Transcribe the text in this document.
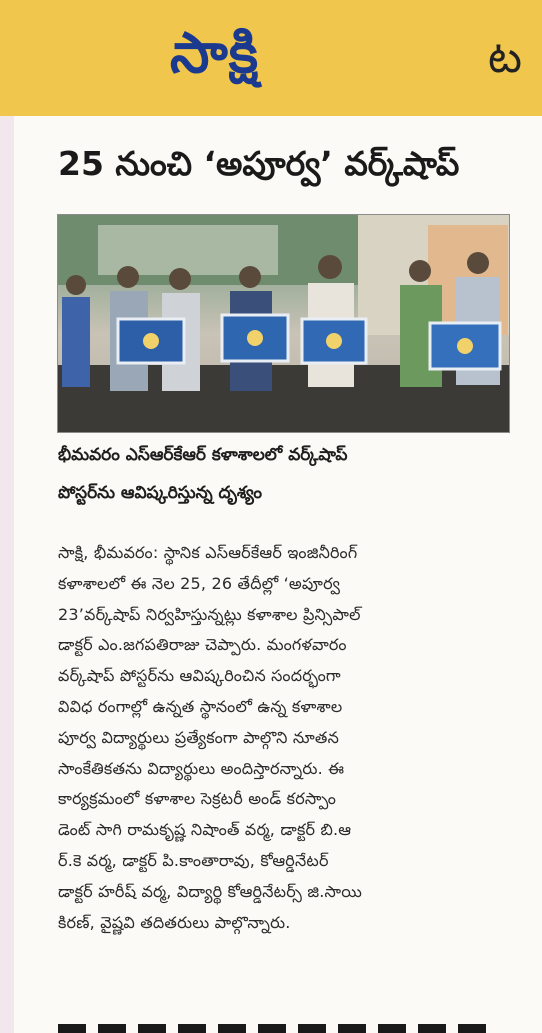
సాక్షి	ట
25 నుంచి ‘అపూర్వ’ వర్క్‌షాప్
భీమవరం ఎస్‌ఆర్‌కేఆర్ కళాశాలలో వర్క్‌షాప్
పోస్టర్‌ను ఆవిష్కరిస్తున్న దృశ్యం
సాక్షి, భీమవరం: స్థానిక ఎస్‌ఆర్‌కేఆర్ ఇంజినీరింగ్
కళాశాలలో ఈ నెల 25, 26 తేదీల్లో ‘అపూర్వ
23’వర్క్‌షాప్ నిర్వహిస్తున్నట్లు కళాశాల ప్రిన్సిపాల్
డాక్టర్ ఎం.జగపతిరాజు చెప్పారు. మంగళవారం
వర్క్‌షాప్ పోస్టర్‌ను ఆవిష్కరించిన సందర్భంగా
వివిధ రంగాల్లో ఉన్నత స్థానంలో ఉన్న కళాశాల
పూర్వ విద్యార్థులు ప్రత్యేకంగా పాల్గొని నూతన
సాంకేతికతను విద్యార్థులు అందిస్తారన్నారు. ఈ
కార్యక్రమంలో కళాశాల సెక్రటరీ అండ్ కరస్పాం
డెంట్ సాగి రామకృష్ణ నిషాంత్ వర్మ, డాక్టర్ బి.ఆ
ర్.కె వర్మ, డాక్టర్ పి.కాంతారావు, కోఆర్డినేటర్
డాక్టర్ హరీష్ వర్మ, విద్యార్థి కోఆర్డినేటర్స్ జి.సాయి
కిరణ్, వైష్ణవి తదితరులు పాల్గొన్నారు.
